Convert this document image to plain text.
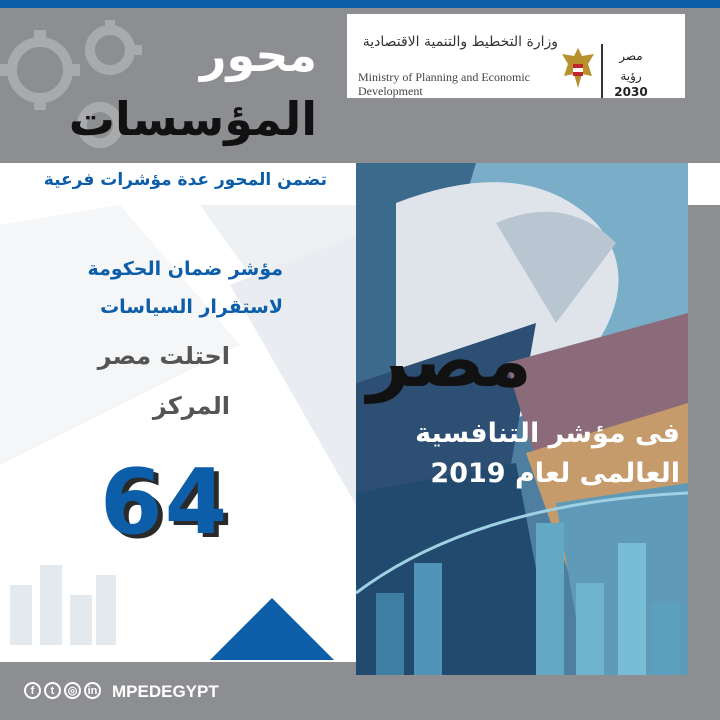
محور
المؤسسات
وزارة التخطيط والتنمية الاقتصادية
Ministry of Planning and Economic
Development
مصر
رؤية
2030
تضمن المحور عدة مؤشرات فرعية
مؤشر ضمان الحكومة
لاستقرار السياسات
احتلت مصر
المركز
64
مصر
فى مؤشر التنافسية
العالمى لعام 2019
f	t	◎ in MPEDEGYPT
